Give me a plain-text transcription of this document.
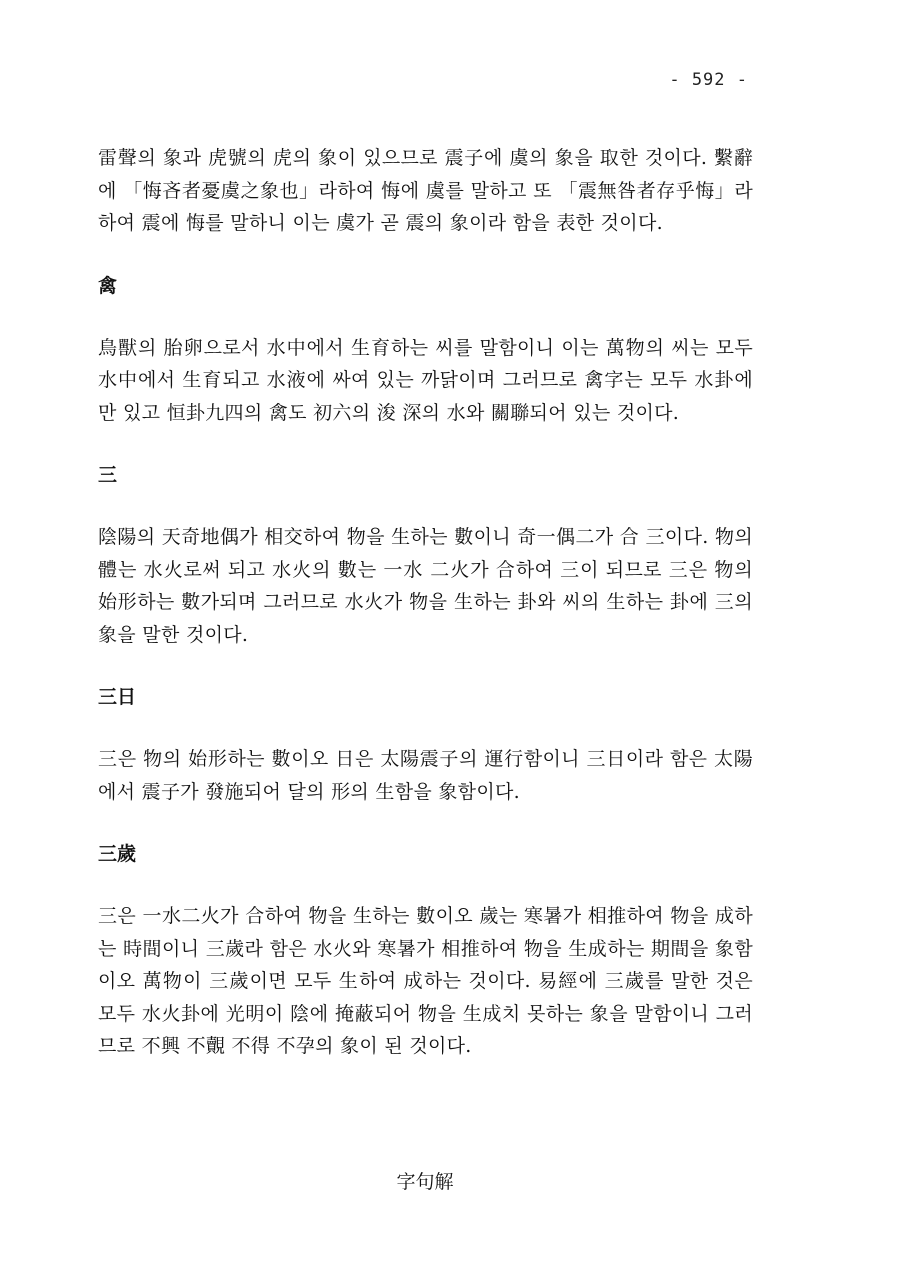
- 592 -

雷聲의 象과 虎號의 虎의 象이 있으므로 震子에 虞의 象을 取한 것이다. 繫辭에 「悔吝者憂虞之象也」라하여 悔에 虞를 말하고 또 「震無咎者存乎悔」라하여 震에 悔를 말하니 이는 虞가 곧 震의 象이라 함을 表한 것이다.

禽

鳥獸의 胎卵으로서 水中에서 生育하는 씨를 말함이니 이는 萬物의 씨는 모두 水中에서 生育되고 水液에 싸여 있는 까닭이며 그러므로 禽字는 모두 水卦에만 있고 恒卦九四의 禽도 初六의 浚 深의 水와 關聯되어 있는 것이다.

三

陰陽의 天奇地偶가 相交하여 物을 生하는 數이니 奇一偶二가 合 三이다. 物의 體는 水火로써 되고 水火의 數는 一水 二火가 合하여 三이 되므로 三은 物의 始形하는 數가되며 그러므로 水火가 物을 生하는 卦와 씨의 生하는 卦에 三의 象을 말한 것이다.

三日

三은 物의 始形하는 數이오 日은 太陽震子의 運行함이니 三日이라 함은 太陽에서 震子가 發施되어 달의 形의 生함을 象함이다.

三歲

三은 一水二火가 合하여 物을 生하는 數이오 歲는 寒暑가 相推하여 物을 成하는 時間이니 三歲라 함은 水火와 寒暑가 相推하여 物을 生成하는 期間을 象함이오 萬物이 三歲이면 모두 生하여 成하는 것이다. 易經에 三歲를 말한 것은 모두 水火卦에 光明이 陰에 掩蔽되어 物을 生成치 못하는 象을 말함이니 그러므로 不興 不覿 不得 不孕의 象이 된 것이다.

字句解
